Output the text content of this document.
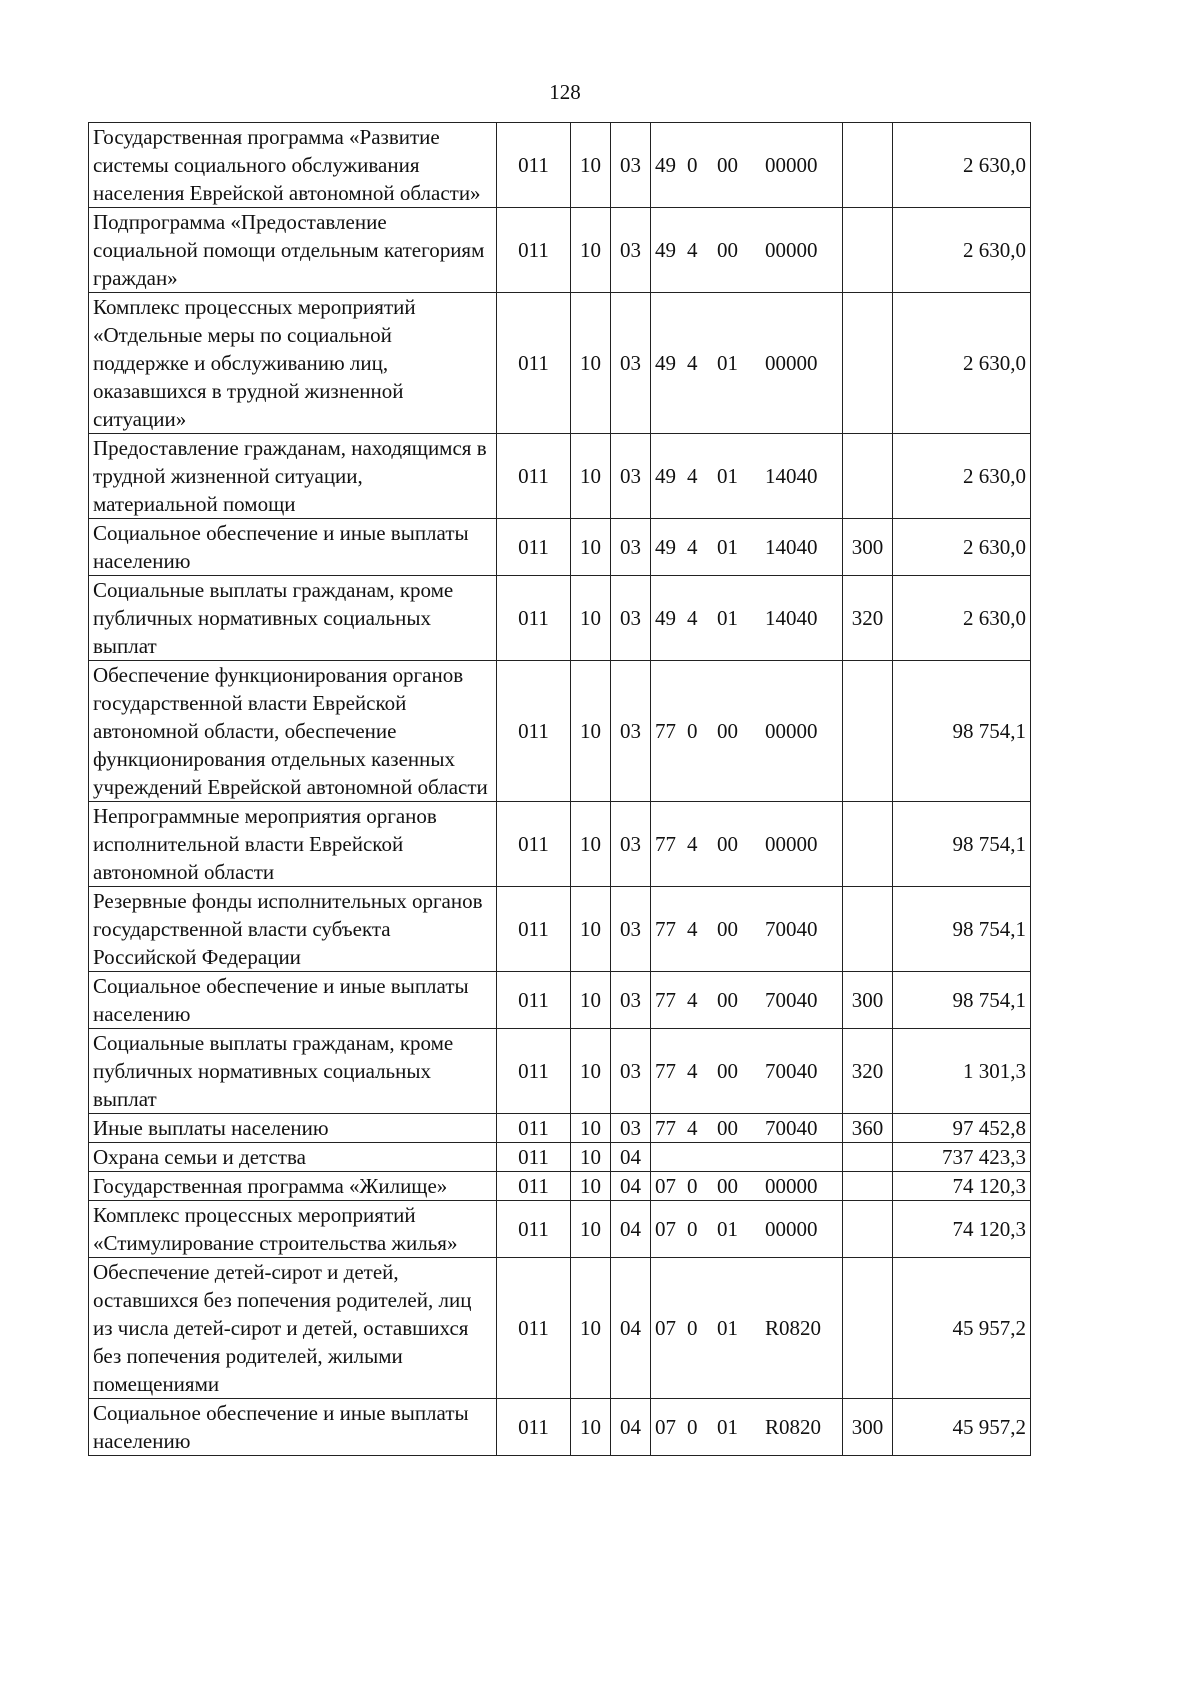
128
Государственная программа «Развитие системы социального обслуживания населения Еврейской автономной области»	011	10	03	49 0 00 00000		2 630,0
Подпрограмма «Предоставление социальной помощи отдельным категориям граждан»	011	10	03	49 4 00 00000		2 630,0
Комплекс процессных мероприятий «Отдельные меры по социальной поддержке и обслуживанию лиц, оказавшихся в трудной жизненной ситуации»	011	10	03	49 4 01 00000		2 630,0
Предоставление гражданам, находящимся в трудной жизненной ситуации, материальной помощи	011	10	03	49 4 01 14040		2 630,0
Социальное обеспечение и иные выплаты населению	011	10	03	49 4 01 14040	300	2 630,0
Социальные выплаты гражданам, кроме публичных нормативных социальных выплат	011	10	03	49 4 01 14040	320	2 630,0
Обеспечение функционирования органов государственной власти Еврейской автономной области, обеспечение функционирования отдельных казенных учреждений Еврейской автономной области	011	10	03	77 0 00 00000		98 754,1
Непрограммные мероприятия органов исполнительной власти Еврейской автономной области	011	10	03	77 4 00 00000		98 754,1
Резервные фонды исполнительных органов государственной власти субъекта Российской Федерации	011	10	03	77 4 00 70040		98 754,1
Социальное обеспечение и иные выплаты населению	011	10	03	77 4 00 70040	300	98 754,1
Социальные выплаты гражданам, кроме публичных нормативных социальных выплат	011	10	03	77 4 00 70040	320	1 301,3
Иные выплаты населению	011	10	03	77 4 00 70040	360	97 452,8
Охрана семьи и детства	011	10	04			737 423,3
Государственная программа «Жилище»	011	10	04	07 0 00 00000		74 120,3
Комплекс процессных мероприятий «Стимулирование строительства жилья»	011	10	04	07 0 01 00000		74 120,3
Обеспечение детей-сирот и детей, оставшихся без попечения родителей, лиц из числа детей-сирот и детей, оставшихся без попечения родителей, жилыми помещениями	011	10	04	07 0 01 R0820		45 957,2
Социальное обеспечение и иные выплаты населению	011	10	04	07 0 01 R0820	300	45 957,2
